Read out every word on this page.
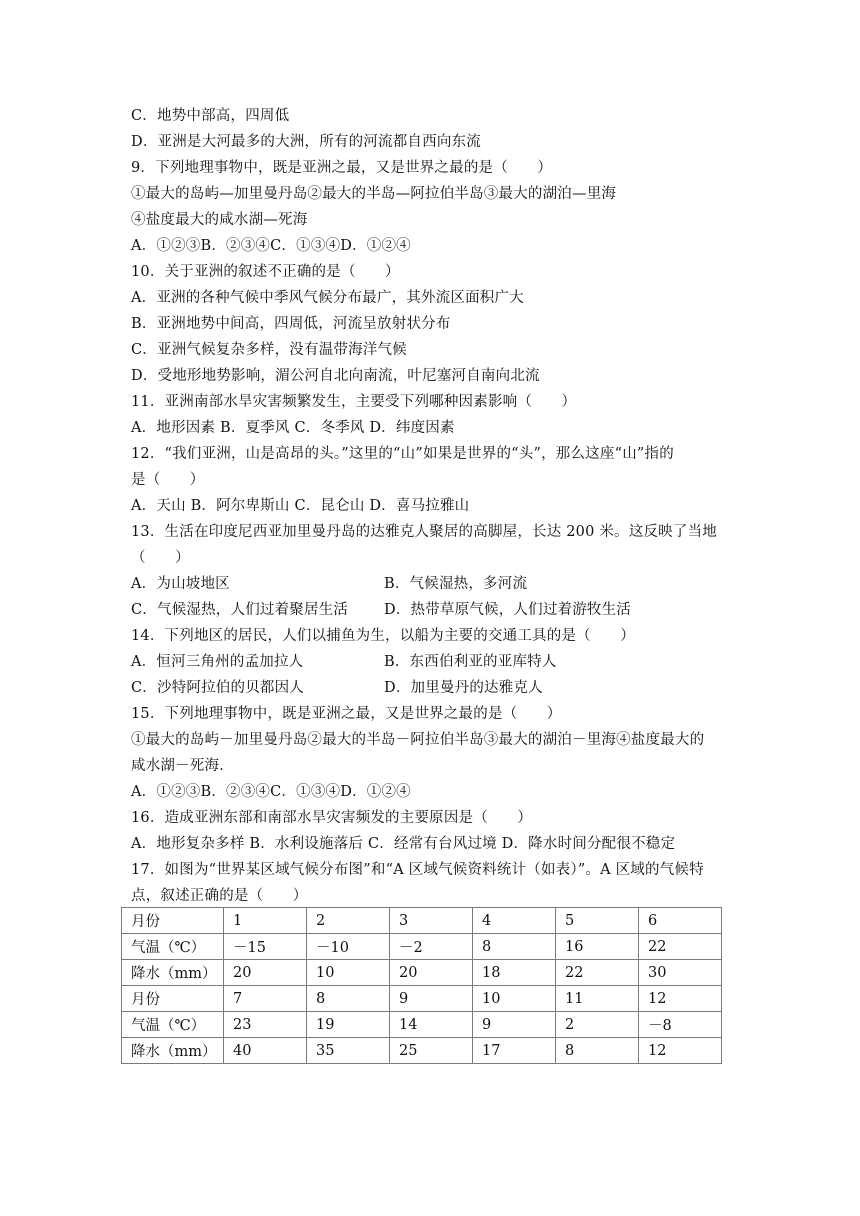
C．地势中部高，四周低
D．亚洲是大河最多的大洲，所有的河流都自西向东流
9．下列地理事物中，既是亚洲之最，又是世界之最的是（　　）
①最大的岛屿—加里曼丹岛②最大的半岛—阿拉伯半岛③最大的湖泊—里海
④盐度最大的咸水湖—死海
A．①②③B．②③④C．①③④D．①②④
10．关于亚洲的叙述不正确的是（　　）
A．亚洲的各种气候中季风气候分布最广，其外流区面积广大
B．亚洲地势中间高，四周低，河流呈放射状分布
C．亚洲气候复杂多样，没有温带海洋气候
D．受地形地势影响，湄公河自北向南流，叶尼塞河自南向北流
11．亚洲南部水旱灾害频繁发生，主要受下列哪种因素影响（　　）
A．地形因素 B．夏季风 C．冬季风 D．纬度因素
12．“我们亚洲，山是高昂的头。”这里的“山”如果是世界的“头”，那么这座“山”指的
是（　　）
A．天山 B．阿尔卑斯山 C．昆仑山 D．喜马拉雅山
13．生活在印度尼西亚加里曼丹岛的达雅克人聚居的高脚屋，长达 200 米。这反映了当地
（　　）
A．为山坡地区	B．气候湿热，多河流
C．气候湿热，人们过着聚居生活 D．热带草原气候，人们过着游牧生活
14．下列地区的居民，人们以捕鱼为生，以船为主要的交通工具的是（　　）
A．恒河三角州的孟加拉人	B．东西伯利亚的亚库特人
C．沙特阿拉伯的贝都因人	D．加里曼丹的达雅克人
15．下列地理事物中，既是亚洲之最，又是世界之最的是（　　）
①最大的岛屿－加里曼丹岛②最大的半岛－阿拉伯半岛③最大的湖泊－里海④盐度最大的
咸水湖－死海．
A．①②③B．②③④C．①③④D．①②④
16．造成亚洲东部和南部水旱灾害频发的主要原因是（　　）
A．地形复杂多样 B．水利设施落后 C．经常有台风过境 D．降水时间分配很不稳定
17．如图为“世界某区域气候分布图”和“A 区域气候资料统计（如表）”。A 区域的气候特
点，叙述正确的是（　　）
月份	1	2	3	4	5	6
气温（℃）	－15	－10	－2	8	16	22
降水（mm）	20	10	20	18	22	30
月份	7	8	9	10	11	12
气温（℃）	23	19	14	9	2	－8
降水（mm）	40	35	25	17	8	12
